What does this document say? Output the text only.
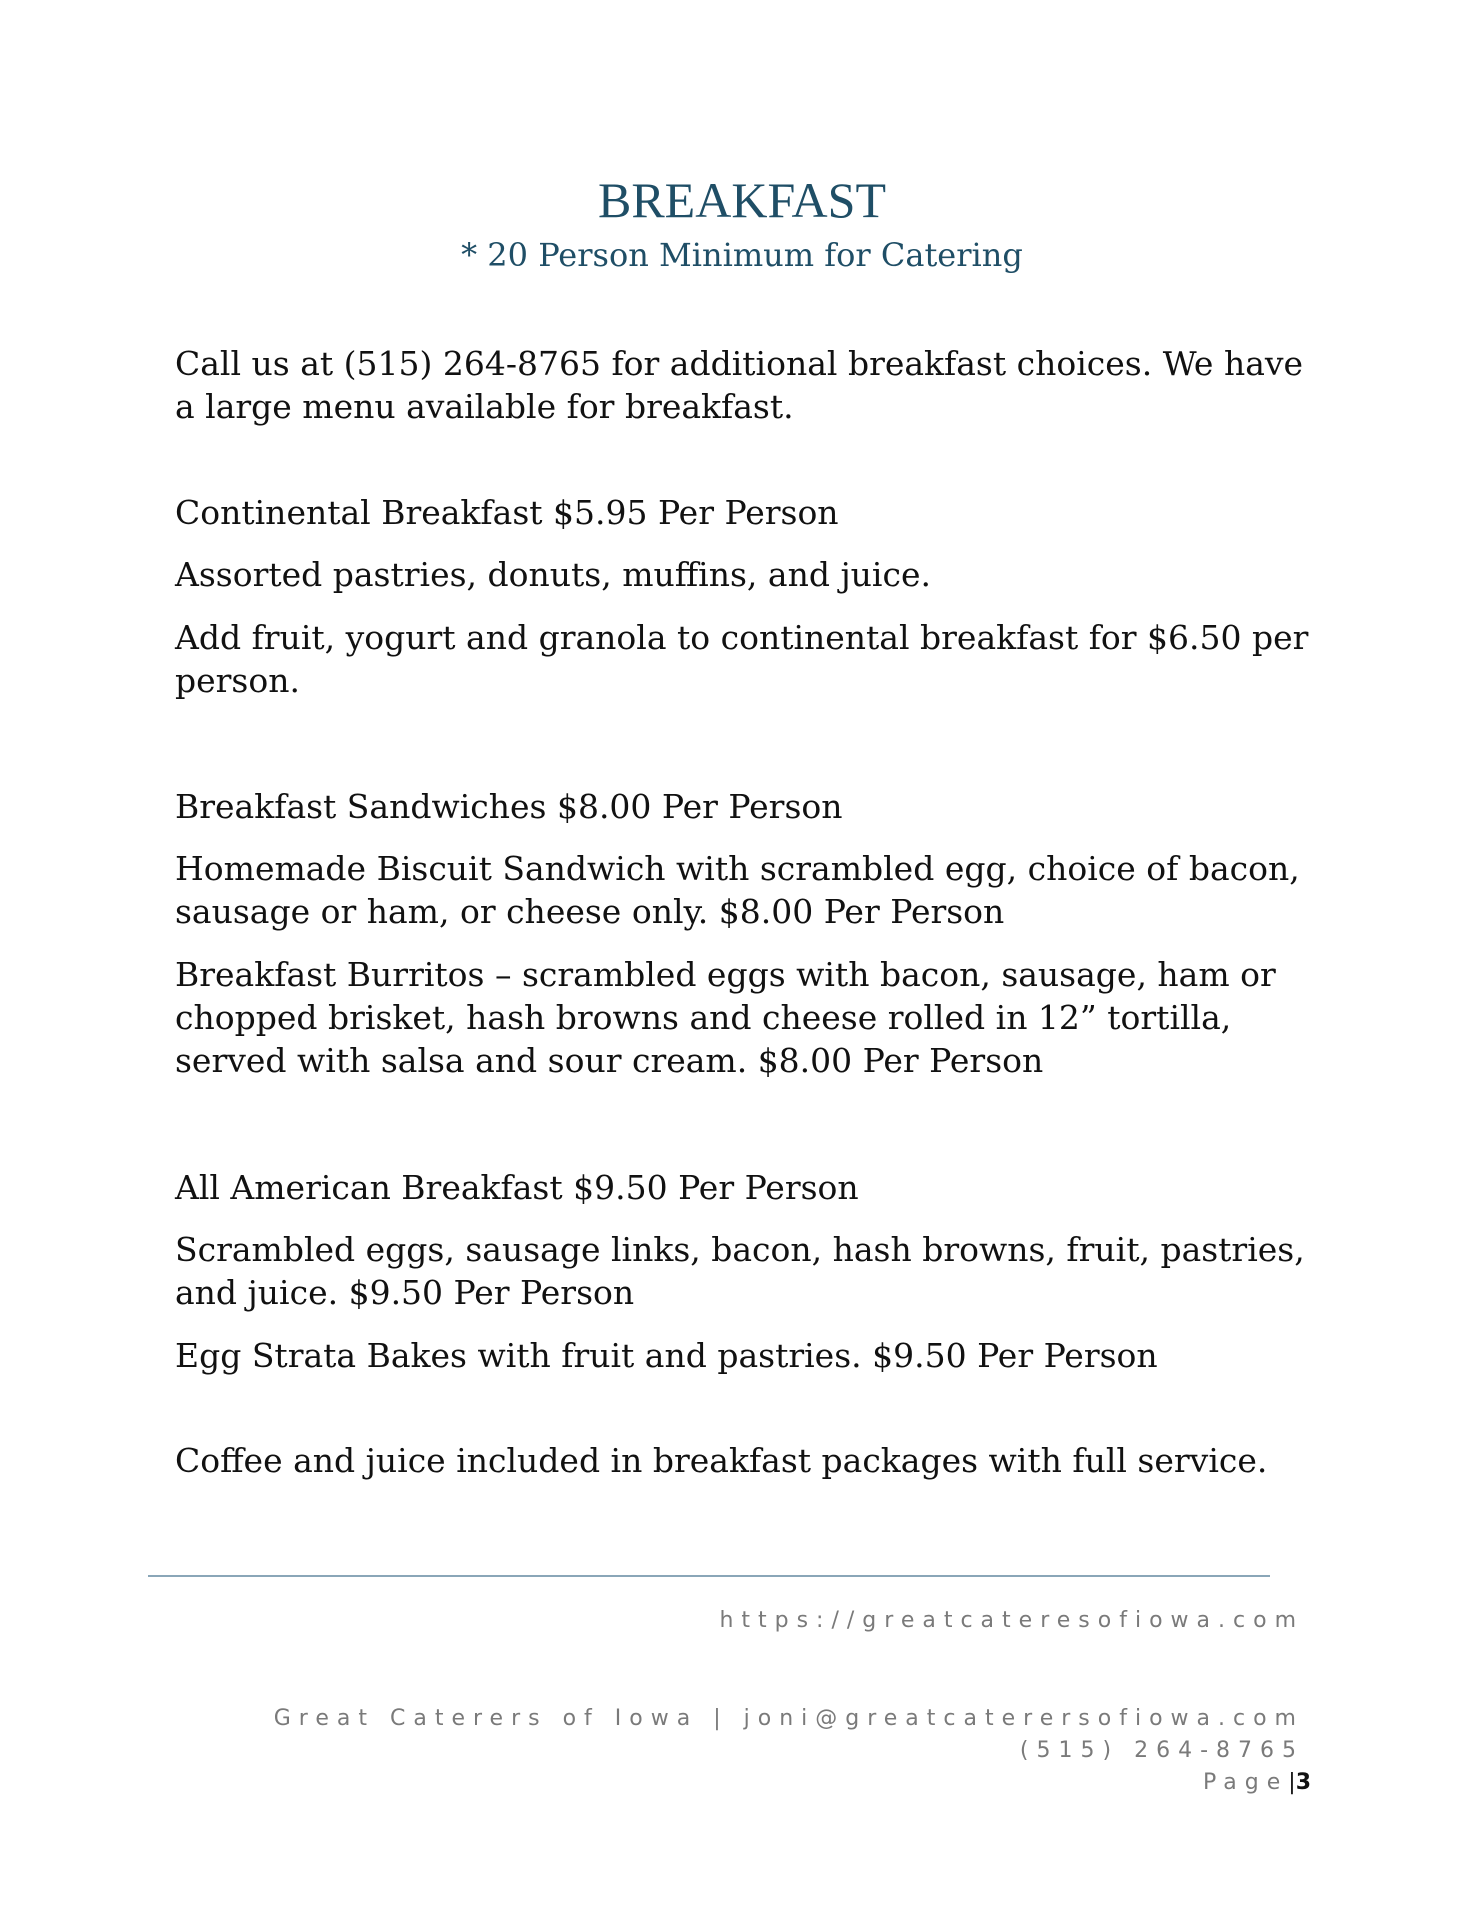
BREAKFAST
* 20 Person Minimum for Catering

Call us at (515) 264-8765 for additional breakfast choices. We have a large menu available for breakfast.

Continental Breakfast $5.95 Per Person

Assorted pastries, donuts, muffins, and juice.

Add fruit, yogurt and granola to continental breakfast for $6.50 per person.

Breakfast Sandwiches $8.00 Per Person

Homemade Biscuit Sandwich with scrambled egg, choice of bacon, sausage or ham, or cheese only. $8.00 Per Person

Breakfast Burritos – scrambled eggs with bacon, sausage, ham or chopped brisket, hash browns and cheese rolled in 12” tortilla, served with salsa and sour cream. $8.00 Per Person

All American Breakfast $9.50 Per Person

Scrambled eggs, sausage links, bacon, hash browns, fruit, pastries, and juice. $9.50 Per Person

Egg Strata Bakes with fruit and pastries. $9.50 Per Person

Coffee and juice included in breakfast packages with full service.

https://greatcateresofiowa.com
Great Caterers of Iowa | joni@greatcaterersofiowa.com
(515) 264-8765
Page|3
